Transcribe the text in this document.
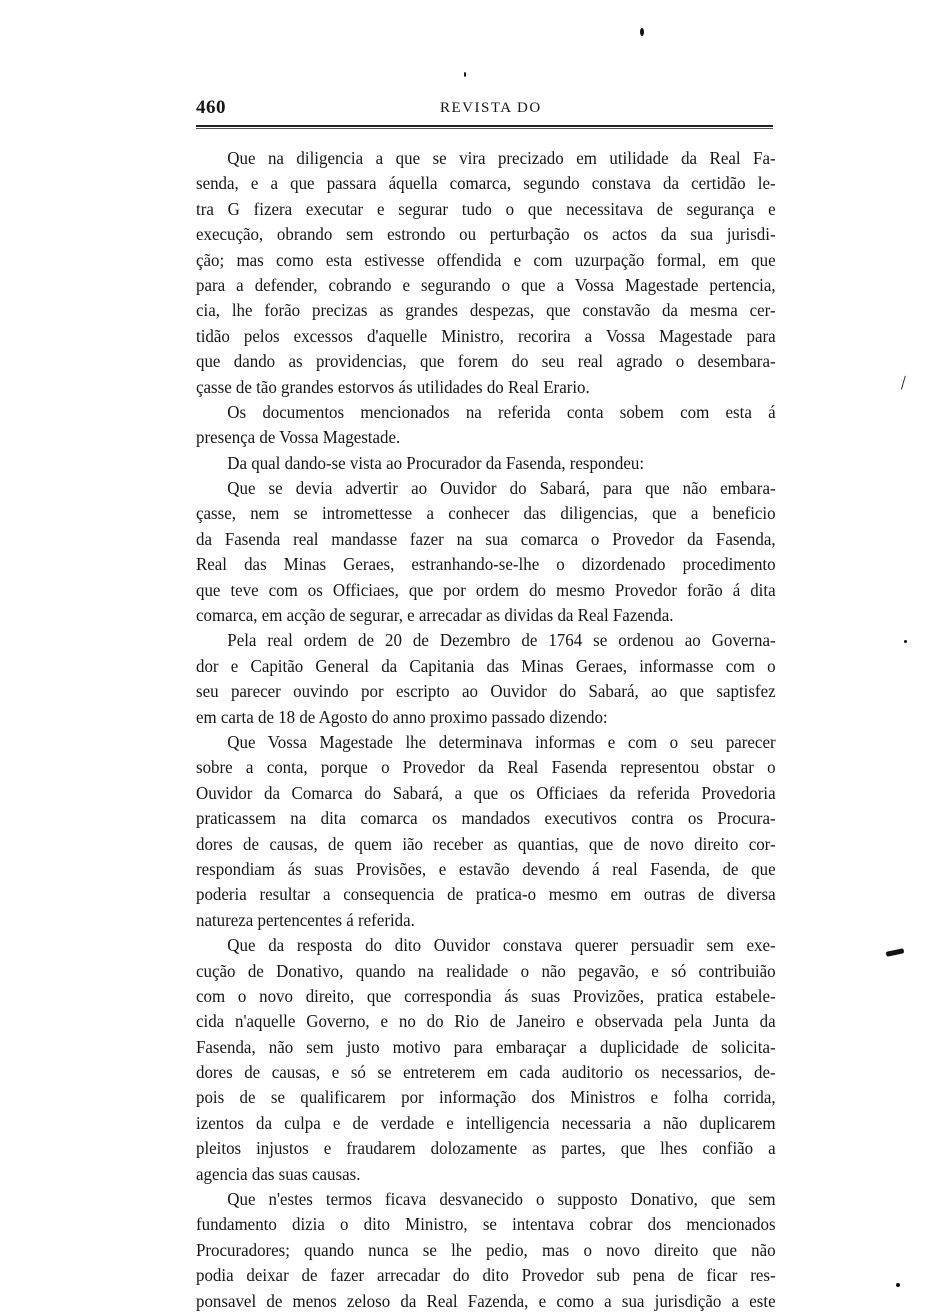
460	REVISTA DO
Que na diligencia a que se vira precizado em utilidade da Real Fa-
senda, e a que passara áquella comarca, segundo constava da certidão le-
tra G fizera executar e segurar tudo o que necessitava de segurança e
execução, obrando sem estrondo ou perturbação os actos da sua jurisdi-
ção; mas como esta estivesse offendida e com uzurpação formal, em que
para a defender, cobrando e segurando o que a Vossa Magestade pertencia,
cia, lhe forão precizas as grandes despezas, que constavão da mesma cer-
tidão pelos excessos d'aquelle Ministro, recorira a Vossa Magestade para
que dando as providencias, que forem do seu real agrado o desembara-
çasse de tão grandes estorvos ás utilidades do Real Erario.
Os documentos mencionados na referida conta sobem com esta á
presença de Vossa Magestade.
Da qual dando-se vista ao Procurador da Fasenda, respondeu:
Que se devia advertir ao Ouvidor do Sabará, para que não embara-
çasse, nem se intromettesse a conhecer das diligencias, que a beneficio
da Fasenda real mandasse fazer na sua comarca o Provedor da Fasenda,
Real das Minas Geraes, estranhando-se-lhe o dizordenado procedimento
que teve com os Officiaes, que por ordem do mesmo Provedor forão á dita
comarca, em acção de segurar, e arrecadar as dividas da Real Fazenda.
Pela real ordem de 20 de Dezembro de 1764 se ordenou ao Governa-
dor e Capitão General da Capitania das Minas Geraes, informasse com o
seu parecer ouvindo por escripto ao Ouvidor do Sabará, ao que saptisfez
em carta de 18 de Agosto do anno proximo passado dizendo:
Que Vossa Magestade lhe determinava informas e com o seu parecer
sobre a conta, porque o Provedor da Real Fasenda representou obstar o
Ouvidor da Comarca do Sabará, a que os Officiaes da referida Provedoria
praticassem na dita comarca os mandados executivos contra os Procura-
dores de causas, de quem ião receber as quantias, que de novo direito cor-
respondiam ás suas Provisões, e estavão devendo á real Fasenda, de que
poderia resultar a consequencia de pratica-o mesmo em outras de diversa
natureza pertencentes á referida.
Que da resposta do dito Ouvidor constava querer persuadir sem exe-
cução de Donativo, quando na realidade o não pegavão, e só contribuião
com o novo direito, que correspondia ás suas Provizões, pratica estabele-
cida n'aquelle Governo, e no do Rio de Janeiro e observada pela Junta da
Fasenda, não sem justo motivo para embaraçar a duplicidade de solicita-
dores de causas, e só se entreterem em cada auditorio os necessarios, de-
pois de se qualificarem por informação dos Ministros e folha corrida,
izentos da culpa e de verdade e intelligencia necessaria a não duplicarem
pleitos injustos e fraudarem dolozamente as partes, que lhes confião a
agencia das suas causas.
Que n'estes termos ficava desvanecido o supposto Donativo, que sem
fundamento dizia o dito Ministro, se intentava cobrar dos mencionados
Procuradores; quando nunca se lhe pedio, mas o novo direito que não
podia deixar de fazer arrecadar do dito Provedor sub pena de ficar res-
ponsavel de menos zeloso da Real Fazenda, e como a sua jurisdição a este
\
